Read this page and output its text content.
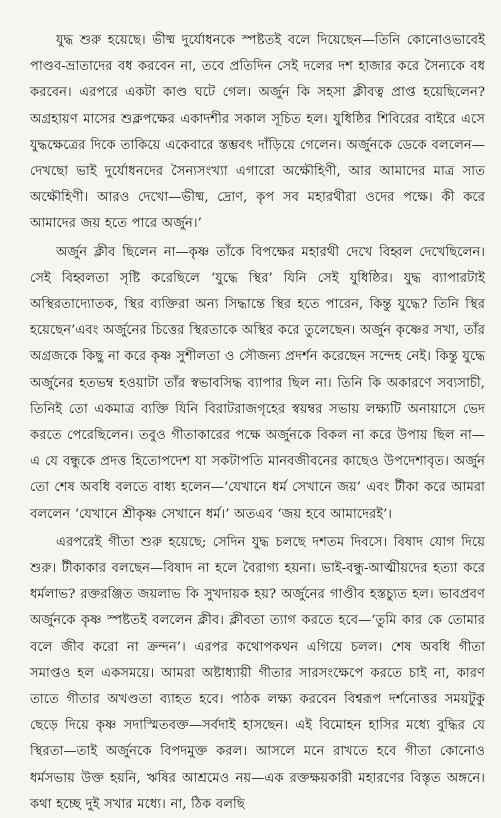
যুদ্ধ শুরু হয়েছে। ভীষ্ম দুর্যোধনকে স্পষ্টতই বলে দিয়েছেন—তিনি কোনোওভাবেই পাণ্ডব-ভ্রাতাদের বধ করবেন না, তবে প্রতিদিন সেই দলের দশ হাজার করে সৈন্যকে বধ করবেন। এরপরে একটা কাণ্ড ঘটে গেল। অর্জুন কি সহসা ক্লীবত্ব প্রাপ্ত হয়েছিলেন? অগ্রহায়ণ মাসের শুক্লপক্ষের একাদশীর সকাল সূচিত হল। যুধিষ্ঠির শিবিরের বাইরে এসে যুদ্ধক্ষেত্রের দিকে তাকিয়ে একেবারে স্তম্ভবৎ দাঁড়িয়ে গেলেন। অর্জুনকে ডেকে বললেন—দেখছো ভাই দুর্যোধনদের সৈন্যসংখ্যা এগারো অক্ষৌহিণী, আর আমাদের মাত্র সাত অক্ষৌহিণী। আরও দেখো—ভীষ্ম, দ্রোণ, কৃপ সব মহারথীরা ওদের পক্ষে। কী করে আমাদের জয় হতে পারে অর্জুন।’

অর্জুন ক্লীব ছিলেন না—কৃষ্ণ তাঁকে বিপক্ষের মহারথী দেখে বিহ্বল দেখেছিলেন। সেই বিহ্বলতা সৃষ্টি করেছিলে ‘যুদ্ধে স্থির’ যিনি সেই যুধিষ্ঠির। যুদ্ধ ব্যাপারটাই অস্থিরতাদ্যোতক, স্থির ব্যক্তিরা অন্য সিদ্ধান্তে স্থির হতে পারেন, কিন্তু যুদ্ধে? তিনি স্থির হয়েছেন’এবং অর্জুনের চিত্তের স্থিরতাকে অস্থির করে তুলেছেন। অর্জুন কৃষ্ণের সখা, তাঁর অগ্রজকে কিছু না করে কৃষ্ণ সুশীলতা ও সৌজন্য প্রদর্শন করেছেন সন্দেহ নেই। কিন্তু যুদ্ধে অর্জুনের হতভম্ব হওয়াটা তাঁর স্বভাবসিদ্ধ ব্যাপার ছিল না। তিনি কি অকারণে সব্যসাচী, তিনিই তো একমাত্র ব্যক্তি যিনি বিরাটরাজগৃহের স্বয়ম্বর সভায় লক্ষ্যটি অনায়াসে ভেদ করতে পেরেছিলেন। তবুও গীতাকারের পক্ষে অর্জুনকে বিকল না করে উপায় ছিল না—এ যে বন্ধুকে প্রদত্ত হিতোপদেশ যা সকটাপতি মানবজীবনের কাছেও উপদেশাবৃত। অর্জুন তো শেষ অবধি বলতে বাধ্য হলেন—‘যেখানে ধর্ম সেখানে জয়’ এবং টীকা করে আমরা বললেন ‘যেখানে শ্রীকৃষ্ণ সেখানে ধর্ম।’ অতএব ‘জয় হবে আমাদেরই’।

এরপরেই গীতা শুরু হয়েছে; সেদিন যুদ্ধ চলছে দশতম দিবসে। বিষাদ যোগ দিয়ে শুরু। টীকাকার বলছেন—বিষাদ না হলে বৈরাগ্য হয়না। ভাই-বন্ধু-আত্মীয়দের হত্যা করে ধর্মলাভ? রক্তরঞ্জিত জয়লাভ কি সুখদায়ক হয়? অর্জুনের গাণ্ডীব হস্তচ্যুত হল। ভাবপ্রবণ অর্জুনকে কৃষ্ণ স্পষ্টতই বললেন ক্লীব। ক্লীবতা ত্যাগ করতে হবে—‘তুমি কার কে তোমার বলে জীব করো না ক্রন্দন’। এরপর কথোপকথন এগিয়ে চলল। শেষ অবধি গীতা সমাপ্তও হল একসময়ে। আমরা অষ্টাধ্যায়ী গীতার সারসংক্ষেপে করতে চাই না, কারণ তাতে গীতার অখণ্ডতা ব্যাহত হবে। পাঠক লক্ষ্য করবেন বিশ্বরূপ দর্শনোত্তর সময়টুকু ছেড়ে দিয়ে কৃষ্ণ সদাস্মিতবক্ত—সর্বদাই হাসছেন। এই বিমোহন হাসির মধ্যে বুদ্ধির যে স্থিরতা—তাই অর্জুনকে বিপদমুক্ত করল। আসলে মনে রাখতে হবে গীতা কোনোও ধর্মসভায় উক্ত হয়নি, ঋষির আশ্রমেও নয়—এক রক্তক্ষয়কারী মহারণের বিস্তৃত অঙ্গনে। কথা হচ্ছে দুই সখার মধ্যে। না, ঠিক বলছি
